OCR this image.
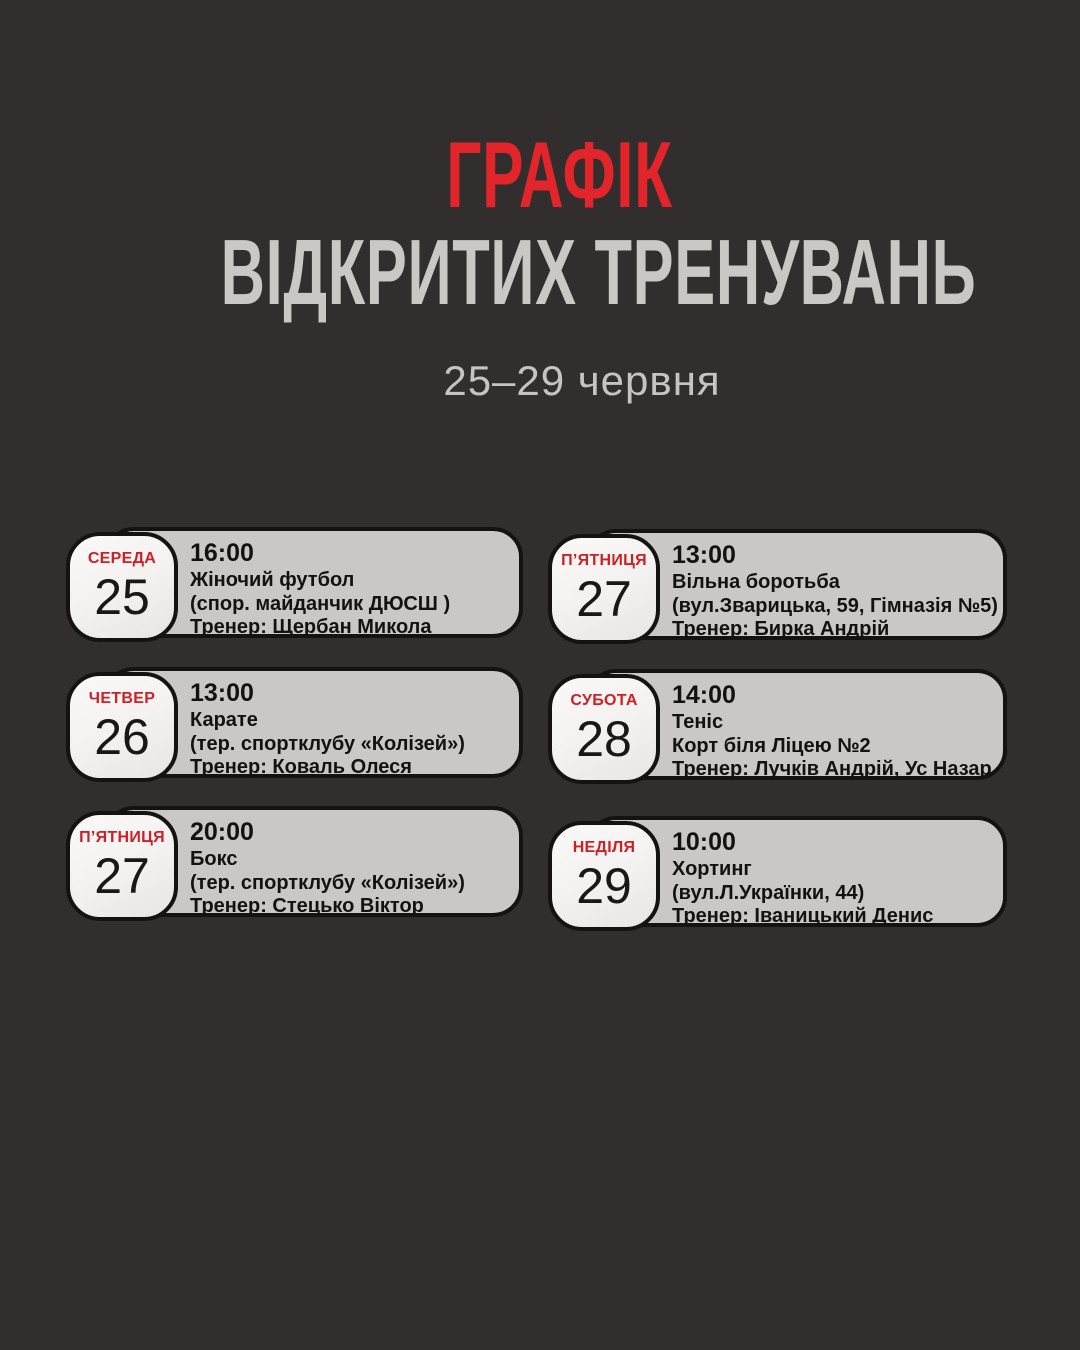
ГРАФІК
ВІДКРИТИХ ТРЕНУВАНЬ
25–29 червня
16:00
Жіночий футбол
(спор. майданчик ДЮСШ )
Тренер: Щербан Микола
СЕРЕДА
25
13:00
Карате
(тер. спортклубу «Колізей»)
Тренер: Коваль Олеся
ЧЕТВЕР
26
20:00
Бокс
(тер. спортклубу «Колізей»)
Тренер: Стецько Віктор
П’ЯТНИЦЯ
27
13:00
Вільна боротьба
(вул.Зварицька, 59, Гімназія №5)
Тренер: Бирка Андрій
П’ЯТНИЦЯ
27
14:00
Теніс
Корт біля Ліцею №2
Тренер: Лучків Андрій, Ус Назар
СУБОТА
28
10:00
Хортинг
(вул.Л.Українки, 44)
Тренер: Іваницький Денис
НЕДІЛЯ
29
